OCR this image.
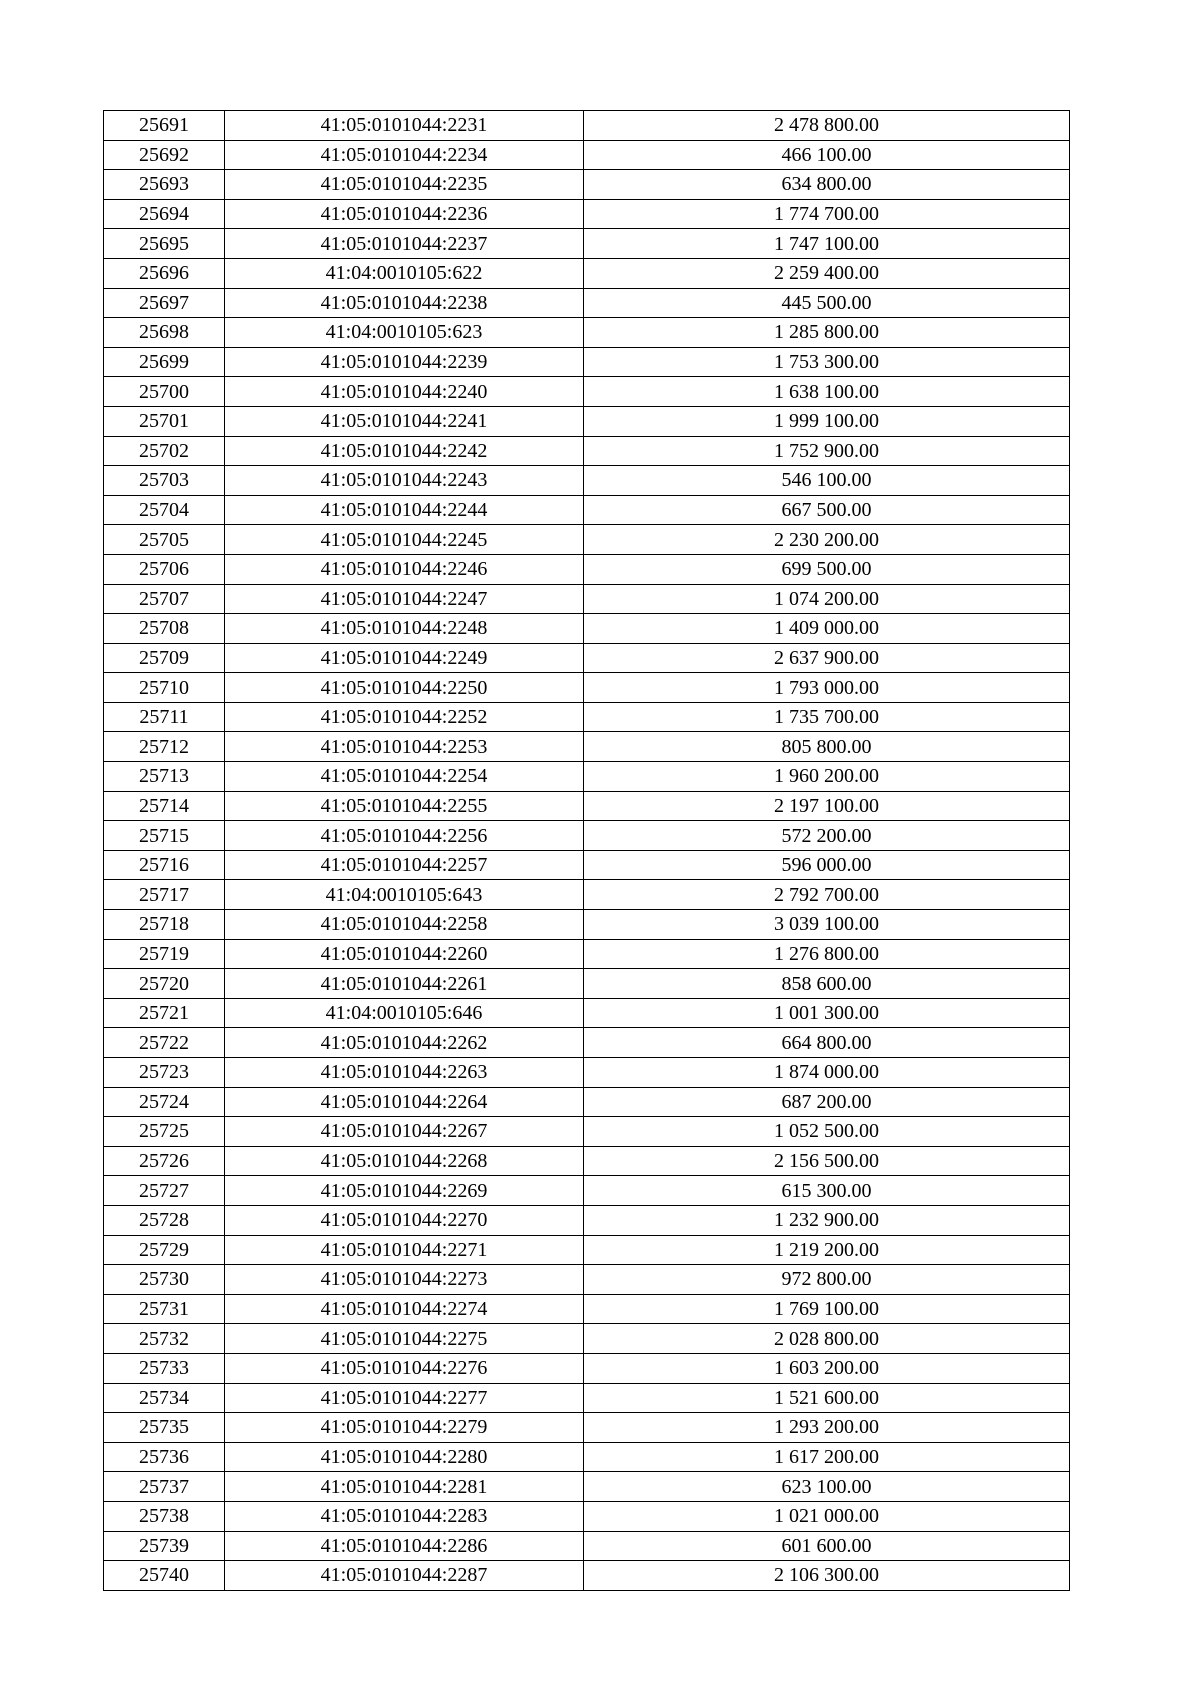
25691	41:05:0101044:2231	2 478 800.00
25692	41:05:0101044:2234	466 100.00
25693	41:05:0101044:2235	634 800.00
25694	41:05:0101044:2236	1 774 700.00
25695	41:05:0101044:2237	1 747 100.00
25696	41:04:0010105:622	2 259 400.00
25697	41:05:0101044:2238	445 500.00
25698	41:04:0010105:623	1 285 800.00
25699	41:05:0101044:2239	1 753 300.00
25700	41:05:0101044:2240	1 638 100.00
25701	41:05:0101044:2241	1 999 100.00
25702	41:05:0101044:2242	1 752 900.00
25703	41:05:0101044:2243	546 100.00
25704	41:05:0101044:2244	667 500.00
25705	41:05:0101044:2245	2 230 200.00
25706	41:05:0101044:2246	699 500.00
25707	41:05:0101044:2247	1 074 200.00
25708	41:05:0101044:2248	1 409 000.00
25709	41:05:0101044:2249	2 637 900.00
25710	41:05:0101044:2250	1 793 000.00
25711	41:05:0101044:2252	1 735 700.00
25712	41:05:0101044:2253	805 800.00
25713	41:05:0101044:2254	1 960 200.00
25714	41:05:0101044:2255	2 197 100.00
25715	41:05:0101044:2256	572 200.00
25716	41:05:0101044:2257	596 000.00
25717	41:04:0010105:643	2 792 700.00
25718	41:05:0101044:2258	3 039 100.00
25719	41:05:0101044:2260	1 276 800.00
25720	41:05:0101044:2261	858 600.00
25721	41:04:0010105:646	1 001 300.00
25722	41:05:0101044:2262	664 800.00
25723	41:05:0101044:2263	1 874 000.00
25724	41:05:0101044:2264	687 200.00
25725	41:05:0101044:2267	1 052 500.00
25726	41:05:0101044:2268	2 156 500.00
25727	41:05:0101044:2269	615 300.00
25728	41:05:0101044:2270	1 232 900.00
25729	41:05:0101044:2271	1 219 200.00
25730	41:05:0101044:2273	972 800.00
25731	41:05:0101044:2274	1 769 100.00
25732	41:05:0101044:2275	2 028 800.00
25733	41:05:0101044:2276	1 603 200.00
25734	41:05:0101044:2277	1 521 600.00
25735	41:05:0101044:2279	1 293 200.00
25736	41:05:0101044:2280	1 617 200.00
25737	41:05:0101044:2281	623 100.00
25738	41:05:0101044:2283	1 021 000.00
25739	41:05:0101044:2286	601 600.00
25740	41:05:0101044:2287	2 106 300.00
